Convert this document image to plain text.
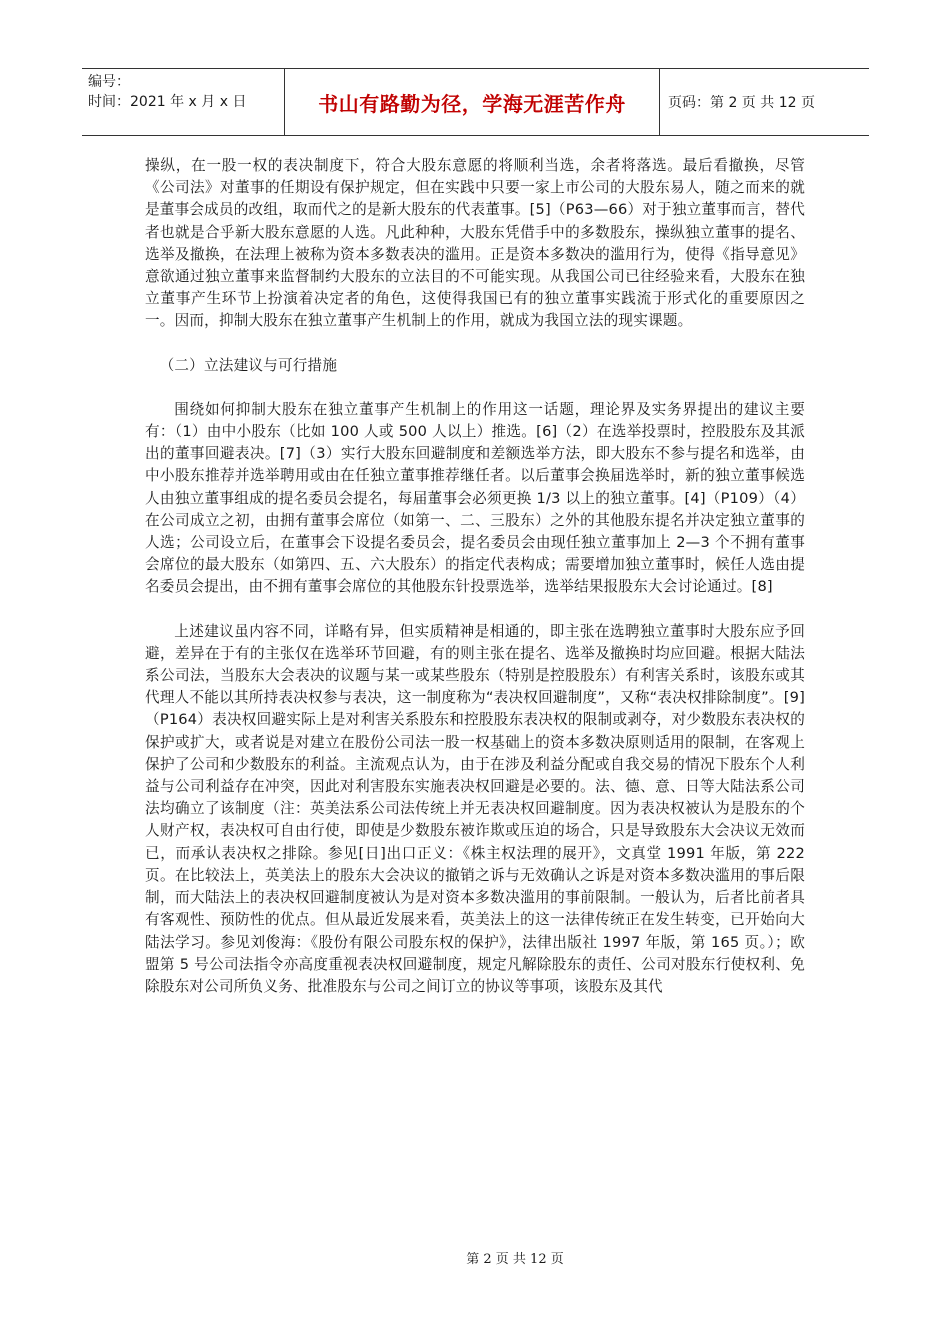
编号：
时间：2021 年 x 月 x 日	书山有路勤为径，学海无涯苦作舟	页码：第 2 页 共 12 页

操纵，在一股一权的表决制度下，符合大股东意愿的将顺利当选，余者将落选。最后看撤换，尽管《公司法》对董事的任期设有保护规定，但在实践中只要一家上市公司的大股东易人，随之而来的就是董事会成员的改组，取而代之的是新大股东的代表董事。[5]（P63—66）对于独立董事而言，替代者也就是合乎新大股东意愿的人选。凡此种种，大股东凭借手中的多数股东，操纵独立董事的提名、选举及撤换，在法理上被称为资本多数表决的滥用。正是资本多数决的滥用行为，使得《指导意见》意欲通过独立董事来监督制约大股东的立法目的不可能实现。从我国公司已往经验来看，大股东在独立董事产生环节上扮演着决定者的角色，这使得我国已有的独立董事实践流于形式化的重要原因之一。因而，抑制大股东在独立董事产生机制上的作用，就成为我国立法的现实课题。

（二）立法建议与可行措施

围绕如何抑制大股东在独立董事产生机制上的作用这一话题，理论界及实务界提出的建议主要有：（1）由中小股东（比如 100 人或 500 人以上）推选。[6]（2）在选举投票时，控股股东及其派出的董事回避表决。[7]（3）实行大股东回避制度和差额选举方法，即大股东不参与提名和选举，由中小股东推荐并选举聘用或由在任独立董事推荐继任者。以后董事会换届选举时，新的独立董事候选人由独立董事组成的提名委员会提名，每届董事会必须更换 1/3 以上的独立董事。[4]（P109）（4）在公司成立之初，由拥有董事会席位（如第一、二、三股东）之外的其他股东提名并决定独立董事的人选；公司设立后，在董事会下设提名委员会，提名委员会由现任独立董事加上 2—3 个不拥有董事会席位的最大股东（如第四、五、六大股东）的指定代表构成；需要增加独立董事时，候任人选由提名委员会提出，由不拥有董事会席位的其他股东针投票选举，选举结果报股东大会讨论通过。[8]

上述建议虽内容不同，详略有异，但实质精神是相通的，即主张在选聘独立董事时大股东应予回避，差异在于有的主张仅在选举环节回避，有的则主张在提名、选举及撤换时均应回避。根据大陆法系公司法，当股东大会表决的议题与某一或某些股东（特别是控股股东）有利害关系时，该股东或其代理人不能以其所持表决权参与表决，这一制度称为“表决权回避制度”，又称“表决权排除制度”。[9]（P164）表决权回避实际上是对利害关系股东和控股股东表决权的限制或剥夺，对少数股东表决权的保护或扩大，或者说是对建立在股份公司法一股一权基础上的资本多数决原则适用的限制，在客观上保护了公司和少数股东的利益。主流观点认为，由于在涉及利益分配或自我交易的情况下股东个人利益与公司利益存在冲突，因此对利害股东实施表决权回避是必要的。法、德、意、日等大陆法系公司法均确立了该制度（注：英美法系公司法传统上并无表决权回避制度。因为表决权被认为是股东的个人财产权，表决权可自由行使，即使是少数股东被诈欺或压迫的场合，只是导致股东大会决议无效而已，而承认表决权之排除。参见[日]出口正义：《株主权法理的展开》，文真堂 1991 年版，第 222 页。在比较法上，英美法上的股东大会决议的撤销之诉与无效确认之诉是对资本多数决滥用的事后限制，而大陆法上的表决权回避制度被认为是对资本多数决滥用的事前限制。一般认为，后者比前者具有客观性、预防性的优点。但从最近发展来看，英美法上的这一法律传统正在发生转变，已开始向大陆法学习。参见刘俊海：《股份有限公司股东权的保护》，法律出版社 1997 年版，第 165 页。）；欧盟第 5 号公司法指令亦高度重视表决权回避制度，规定凡解除股东的责任、公司对股东行使权利、免除股东对公司所负义务、批准股东与公司之间订立的协议等事项，该股东及其代

第 2 页 共 12 页
